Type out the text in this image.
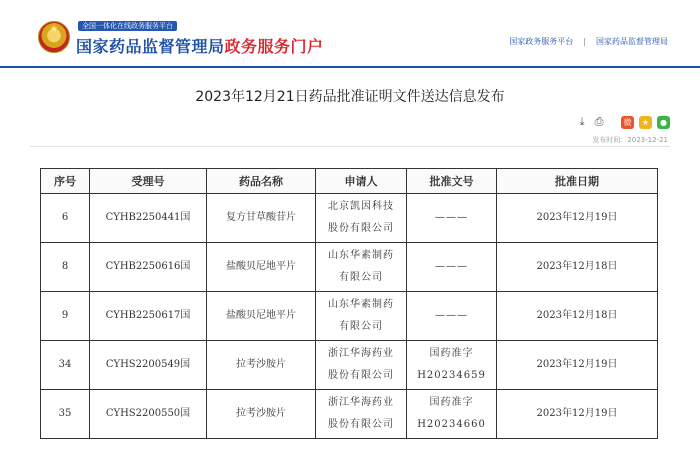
★	全国一体化在线政务服务平台
国家药品监督管理局政务服务门户	国家政务服务平台 | 国家药品监督管理局
2023年12月21日药品批准证明文件送达信息发布
⤓ ⎙	微	★	●
发布时间：2023-12-21
序号	受理号	药品名称	申请人	批准文号	批准日期
6	CYHB2250441国	复方甘草酸苷片	北京凯因科技股份有限公司	———	2023年12月19日
8	CYHB2250616国	盐酸贝尼地平片	山东华素制药有限公司	———	2023年12月18日
9	CYHB2250617国	盐酸贝尼地平片	山东华素制药有限公司	———	2023年12月18日
34	CYHS2200549国	拉考沙胺片	浙江华海药业股份有限公司	国药准字H20234659	2023年12月19日
35	CYHS2200550国	拉考沙胺片	浙江华海药业股份有限公司	国药准字H20234660	2023年12月19日
